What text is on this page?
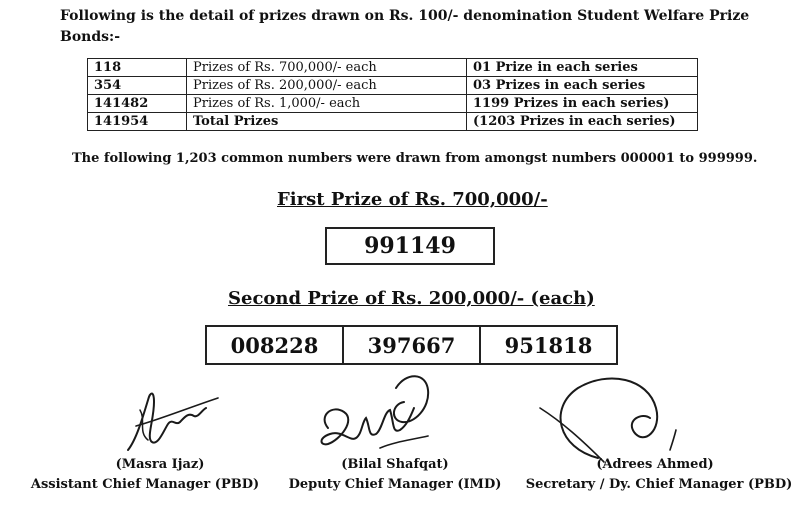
Following is the detail of prizes drawn on Rs. 100/- denomination Student Welfare Prize Bonds:-

118	Prizes of Rs. 700,000/- each	01 Prize in each series
354	Prizes of Rs. 200,000/- each	03 Prizes in each series
141482	Prizes of Rs. 1,000/- each	1199 Prizes in each series)
141954	Total Prizes	(1203 Prizes in each series)

The following 1,203 common numbers were drawn from amongst numbers 000001 to 999999.

First Prize of Rs. 700,000/-

991149

Second Prize of Rs. 200,000/- (each)

008228	397667	951818

(Masra Ijaz)

Assistant Chief Manager (PBD)

(Bilal Shafqat)

Deputy Chief Manager (IMD)

(Adrees Ahmed)

Secretary / Dy. Chief Manager (PBD)
